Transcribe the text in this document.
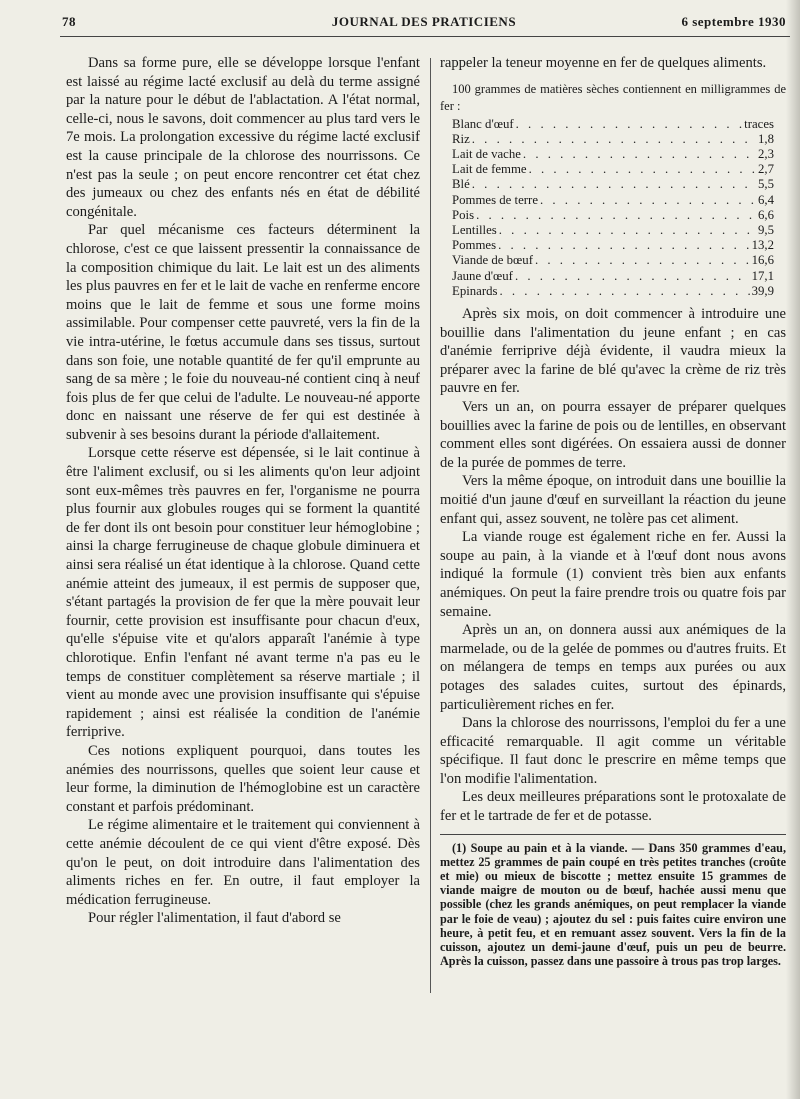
78	JOURNAL DES PRATICIENS	6 septembre 1930

Dans sa forme pure, elle se développe lorsque l'enfant est laissé au régime lacté exclusif au delà du terme assigné par la nature pour le début de l'ablactation. A l'état normal, celle-ci, nous le savons, doit commencer au plus tard vers le 7e mois. La prolongation excessive du régime lacté exclusif est la cause principale de la chlorose des nourrissons. Ce n'est pas la seule ; on peut encore rencontrer cet état chez des jumeaux ou chez des enfants nés en état de débilité congénitale.

Par quel mécanisme ces facteurs déterminent la chlorose, c'est ce que laissent pressentir la connaissance de la composition chimique du lait. Le lait est un des aliments les plus pauvres en fer et le lait de vache en renferme encore moins que le lait de femme et sous une forme moins assimilable. Pour compenser cette pauvreté, vers la fin de la vie intra-utérine, le fœtus accumule dans ses tissus, surtout dans son foie, une notable quantité de fer qu'il emprunte au sang de sa mère ; le foie du nouveau-né contient cinq à neuf fois plus de fer que celui de l'adulte. Le nouveau-né apporte donc en naissant une réserve de fer qui est destinée à subvenir à ses besoins durant la période d'allaitement.

Lorsque cette réserve est dépensée, si le lait continue à être l'aliment exclusif, ou si les aliments qu'on leur adjoint sont eux-mêmes très pauvres en fer, l'organisme ne pourra plus fournir aux globules rouges qui se forment la quantité de fer dont ils ont besoin pour constituer leur hémoglobine ; ainsi la charge ferrugineuse de chaque globule diminuera et ainsi sera réalisé un état identique à la chlorose. Quand cette anémie atteint des jumeaux, il est permis de supposer que, s'étant partagés la provision de fer que la mère pouvait leur fournir, cette provision est insuffisante pour chacun d'eux, qu'elle s'épuise vite et qu'alors apparaît l'anémie à type chlorotique. Enfin l'enfant né avant terme n'a pas eu le temps de constituer complètement sa réserve martiale ; il vient au monde avec une provision insuffisante qui s'épuise rapidement ; ainsi est réalisée la condition de l'anémie ferriprive.

Ces notions expliquent pourquoi, dans toutes les anémies des nourrissons, quelles que soient leur cause et leur forme, la diminution de l'hémoglobine est un caractère constant et parfois prédominant.

Le régime alimentaire et le traitement qui conviennent à cette anémie découlent de ce qui vient d'être exposé. Dès qu'on le peut, on doit introduire dans l'alimentation des aliments riches en fer. En outre, il faut employer la médication ferrugineuse.

Pour régler l'alimentation, il faut d'abord se

rappeler la teneur moyenne en fer de quelques aliments.

100 grammes de matières sèches contiennent en milligrammes de fer :
Blanc d'œuf . . .	traces
Riz . . .	1,8
Lait de vache . . .	2,3
Lait de femme . . .	2,7
Blé . . .	5,5
Pommes de terre . . .	6,4
Pois . . .	6,6
Lentilles . . .	9,5
Pommes . . .	13,2
Viande de bœuf . . .	16,6
Jaune d'œuf . . .	17,1
Epinards . . .	39,9

Après six mois, on doit commencer à introduire une bouillie dans l'alimentation du jeune enfant ; en cas d'anémie ferriprive déjà évidente, il vaudra mieux la préparer avec la farine de blé qu'avec la crème de riz très pauvre en fer.

Vers un an, on pourra essayer de préparer quelques bouillies avec la farine de pois ou de lentilles, en observant comment elles sont digérées. On essaiera aussi de donner de la purée de pommes de terre.

Vers la même époque, on introduit dans une bouillie la moitié d'un jaune d'œuf en surveillant la réaction du jeune enfant qui, assez souvent, ne tolère pas cet aliment.

La viande rouge est également riche en fer. Aussi la soupe au pain, à la viande et à l'œuf dont nous avons indiqué la formule (1) convient très bien aux enfants anémiques. On peut la faire prendre trois ou quatre fois par semaine.

Après un an, on donnera aussi aux anémiques de la marmelade, ou de la gelée de pommes ou d'autres fruits. Et on mélangera de temps en temps aux purées ou aux potages des salades cuites, surtout des épinards, particulièrement riches en fer.

Dans la chlorose des nourrissons, l'emploi du fer a une efficacité remarquable. Il agit comme un véritable spécifique. Il faut donc le prescrire en même temps que l'on modifie l'alimentation.

Les deux meilleures préparations sont le protoxalate de fer et le tartrade de fer et de potasse.

(1) Soupe au pain et à la viande. — Dans 350 grammes d'eau, mettez 25 grammes de pain coupé en très petites tranches (croûte et mie) ou mieux de biscotte ; mettez ensuite 15 grammes de viande maigre de mouton ou de bœuf, hachée aussi menu que possible (chez les grands anémiques, on peut remplacer la viande par le foie de veau) ; ajoutez du sel : puis faites cuire environ une heure, à petit feu, et en remuant assez souvent. Vers la fin de la cuisson, ajoutez un demi-jaune d'œuf, puis un peu de beurre. Après la cuisson, passez dans une passoire à trous pas trop larges.
